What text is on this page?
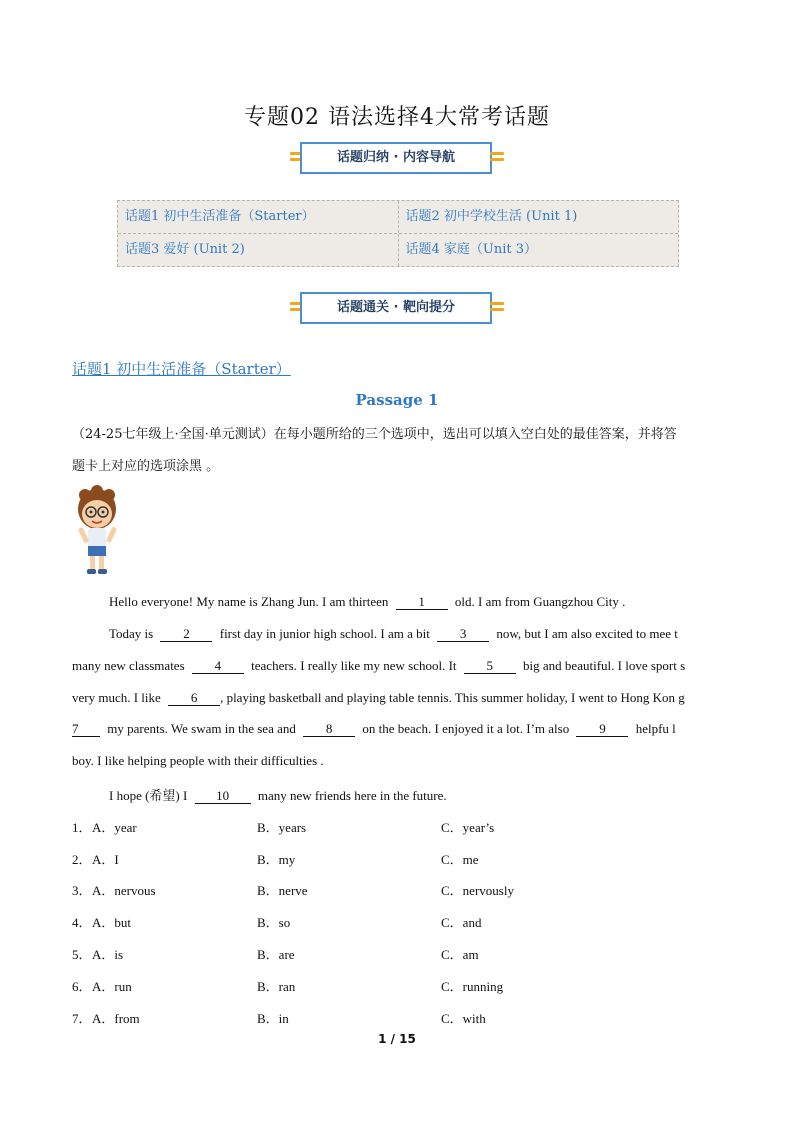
专题02 语法选择4大常考话题
话题归纳 · 内容导航
话题1 初中生活准备（Starter）	话题2 初中学校生活 (Unit 1)
话题3 爱好 (Unit 2)	话题4 家庭（Unit 3）
话题通关 · 靶向提分
话题1 初中生活准备（Starter）
Passage 1
（24-25七年级上·全国·单元测试）在每小题所给的三个选项中，选出可以填入空白处的最佳答案，并将答
题卡上对应的选项涂黑 。
Hello everyone! My name is Zhang Jun. I am thirteen 1 old. I am from Guangzhou City .
Today is 2 first day in junior high school. I am a bit 3 now, but I am also excited to mee t
many new classmates 4 teachers. I really like my new school. It 5 big and beautiful. I love sport s
very much. I like 6 , playing basketball and playing table tennis. This summer holiday, I went to Hong Kon g
7 my parents. We swam in the sea and 8 on the beach. I enjoyed it a lot. I’m also 9 helpfu l
boy. I like helping people with their difficulties .
I hope (希望) I 10 many new friends here in the future.
1． A．year	B．years	C．year’s
2． A．I	B．my	C．me
3． A．nervous	B．nerve	C．nervously
4． A．but	B．so	C．and
5． A．is	B．are	C．am
6． A．run	B．ran	C．running
7． A．from	B．in	C．with
1 / 15
